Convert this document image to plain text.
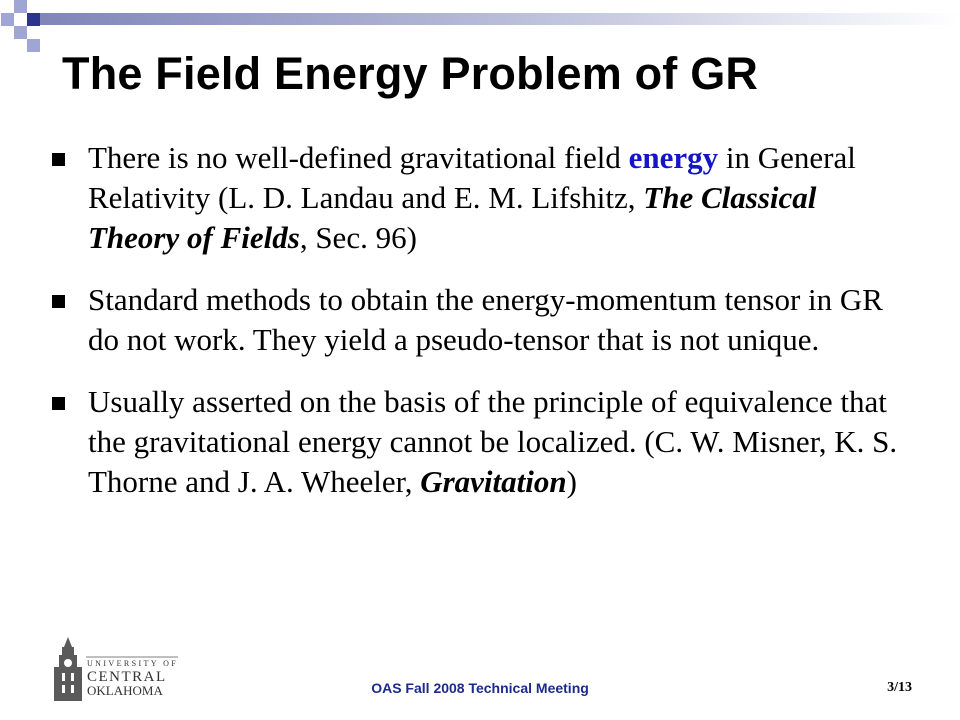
The Field Energy Problem of GR
There is no well-defined gravitational field energy in General Relativity (L. D. Landau and E. M. Lifshitz, The Classical Theory of Fields, Sec. 96)
Standard methods to obtain the energy-momentum tensor in GR do not work. They yield a pseudo-tensor that is not unique.
Usually asserted on the basis of the principle of equivalence that the gravitational energy cannot be localized. (C. W. Misner, K. S. Thorne and J. A. Wheeler, Gravitation)
UNIVERSITY OF
CENTRAL
OKLAHOMA	OAS Fall 2008 Technical Meeting	3/13
